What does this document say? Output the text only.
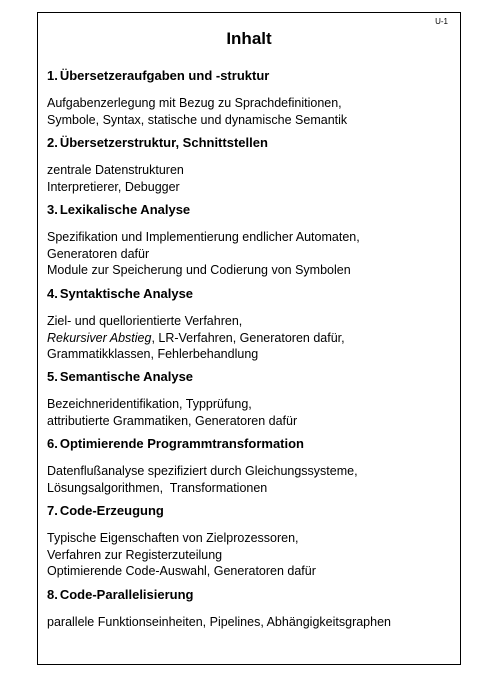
U-1
Inhalt

1. Übersetzeraufgaben und -struktur

Aufgabenzerlegung mit Bezug zu Sprachdefinitionen,
Symbole, Syntax, statische und dynamische Semantik

2. Übersetzerstruktur, Schnittstellen

zentrale Datenstrukturen
Interpretierer, Debugger

3. Lexikalische Analyse

Spezifikation und Implementierung endlicher Automaten,
Generatoren dafür
Module zur Speicherung und Codierung von Symbolen

4. Syntaktische Analyse

Ziel- und quellorientierte Verfahren,
Rekursiver Abstieg, LR-Verfahren, Generatoren dafür,
Grammatikklassen, Fehlerbehandlung

5. Semantische Analyse

Bezeichneridentifikation, Typprüfung,
attributierte Grammatiken, Generatoren dafür

6. Optimierende Programmtransformation

Datenflußanalyse spezifiziert durch Gleichungssysteme,
Lösungsalgorithmen,  Transformationen

7. Code-Erzeugung

Typische Eigenschaften von Zielprozessoren,
Verfahren zur Registerzuteilung
Optimierende Code-Auswahl, Generatoren dafür

8. Code-Parallelisierung

parallele Funktionseinheiten, Pipelines, Abhängigkeitsgraphen
